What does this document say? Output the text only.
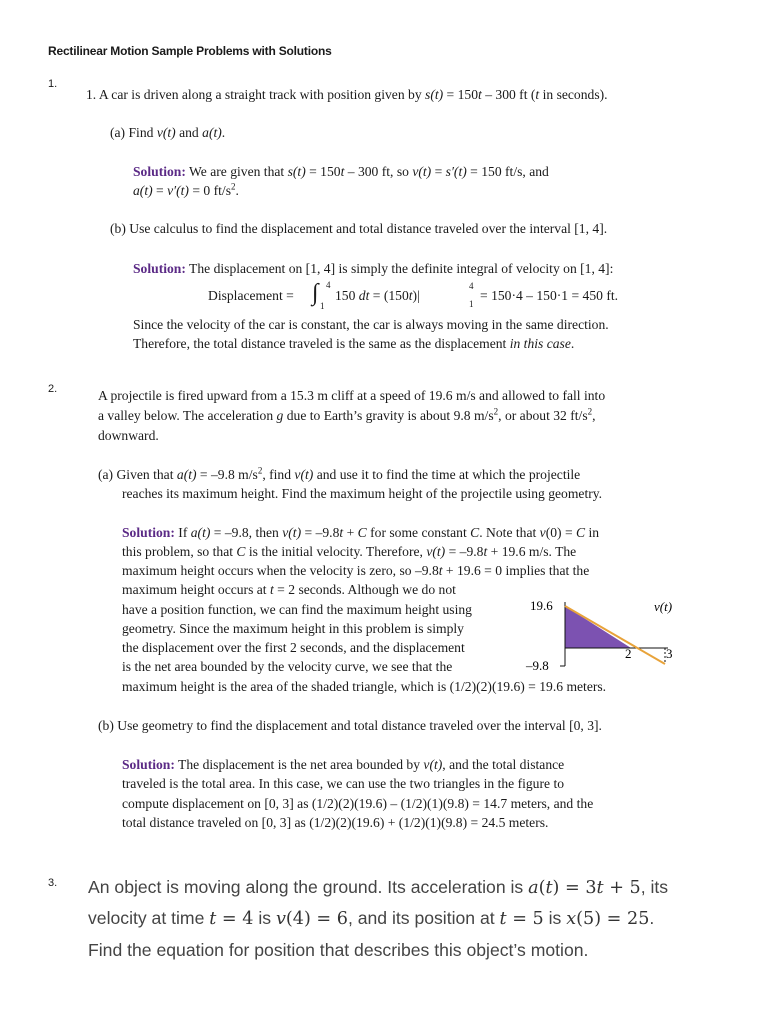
Rectilinear Motion Sample Problems with Solutions
1.
1. A car is driven along a straight track with position given by s(t) = 150t – 300 ft (t in seconds).
(a) Find v(t) and a(t).
Solution: We are given that s(t) = 150t – 300 ft, so v(t) = s′(t) = 150 ft/s, and
a(t) = v′(t) = 0 $ft/s^2$.
(b) Use calculus to find the displacement and total distance traveled over the interval [1, 4].
Solution: The displacement on [1, 4] is simply the definite integral of velocity on [1, 4]:
Displacement = ∫ 4
1
150 dt = (150t)|
4
1
= 150·4 – 150·1 = 450 ft.
Since the velocity of the car is constant, the car is always moving in the same direction.
Therefore, the total distance traveled is the same as the displacement in this case.
2.	A projectile is fired upward from a 15.3 m cliff at a speed of 19.6 m/s and allowed to fall into
a valley below. The acceleration g due to Earth’s gravity is about 9.8 $m/s^2$, or about 32 $ft/s^2$,
downward.
(a) Given that a(t) = –9.8 $m/s^2$, find v(t) and use it to find the time at which the projectile
reaches its maximum height. Find the maximum height of the projectile using geometry.
Solution: If a(t) = –9.8, then v(t) = –9.8t + C for some constant C. Note that v(0) = C in
this problem, so that C is the initial velocity. Therefore, v(t) = –9.8t + 19.6 m/s. The
maximum height occurs when the velocity is zero, so –9.8t + 19.6 = 0 implies that the
maximum height occurs at t = 2 seconds. Although we do not
have a position function, we can find the maximum height using
geometry. Since the maximum height in this problem is simply
the displacement over the first 2 seconds, and the displacement
is the net area bounded by the velocity curve, we see that the
maximum height is the area of the shaded triangle, which is (1/2)(2)(19.6) = 19.6 meters.
19.6
–9.8
2	3
v(t)
(b) Use geometry to find the displacement and total distance traveled over the interval [0, 3].
Solution: The displacement is the net area bounded by v(t), and the total distance
traveled is the total area. In this case, we can use the two triangles in the figure to
compute displacement on [0, 3] as (1/2)(2)(19.6) – (1/2)(1)(9.8) = 14.7 meters, and the
total distance traveled on [0, 3] as (1/2)(2)(19.6) + (1/2)(1)(9.8) = 24.5 meters.
3. An object is moving along the ground. Its acceleration is a(t) = 3t + 5, its
velocity at time t = 4 is v(4) = 6, and its position at t = 5 is x(5) = 25.
Find the equation for position that describes this object’s motion.
